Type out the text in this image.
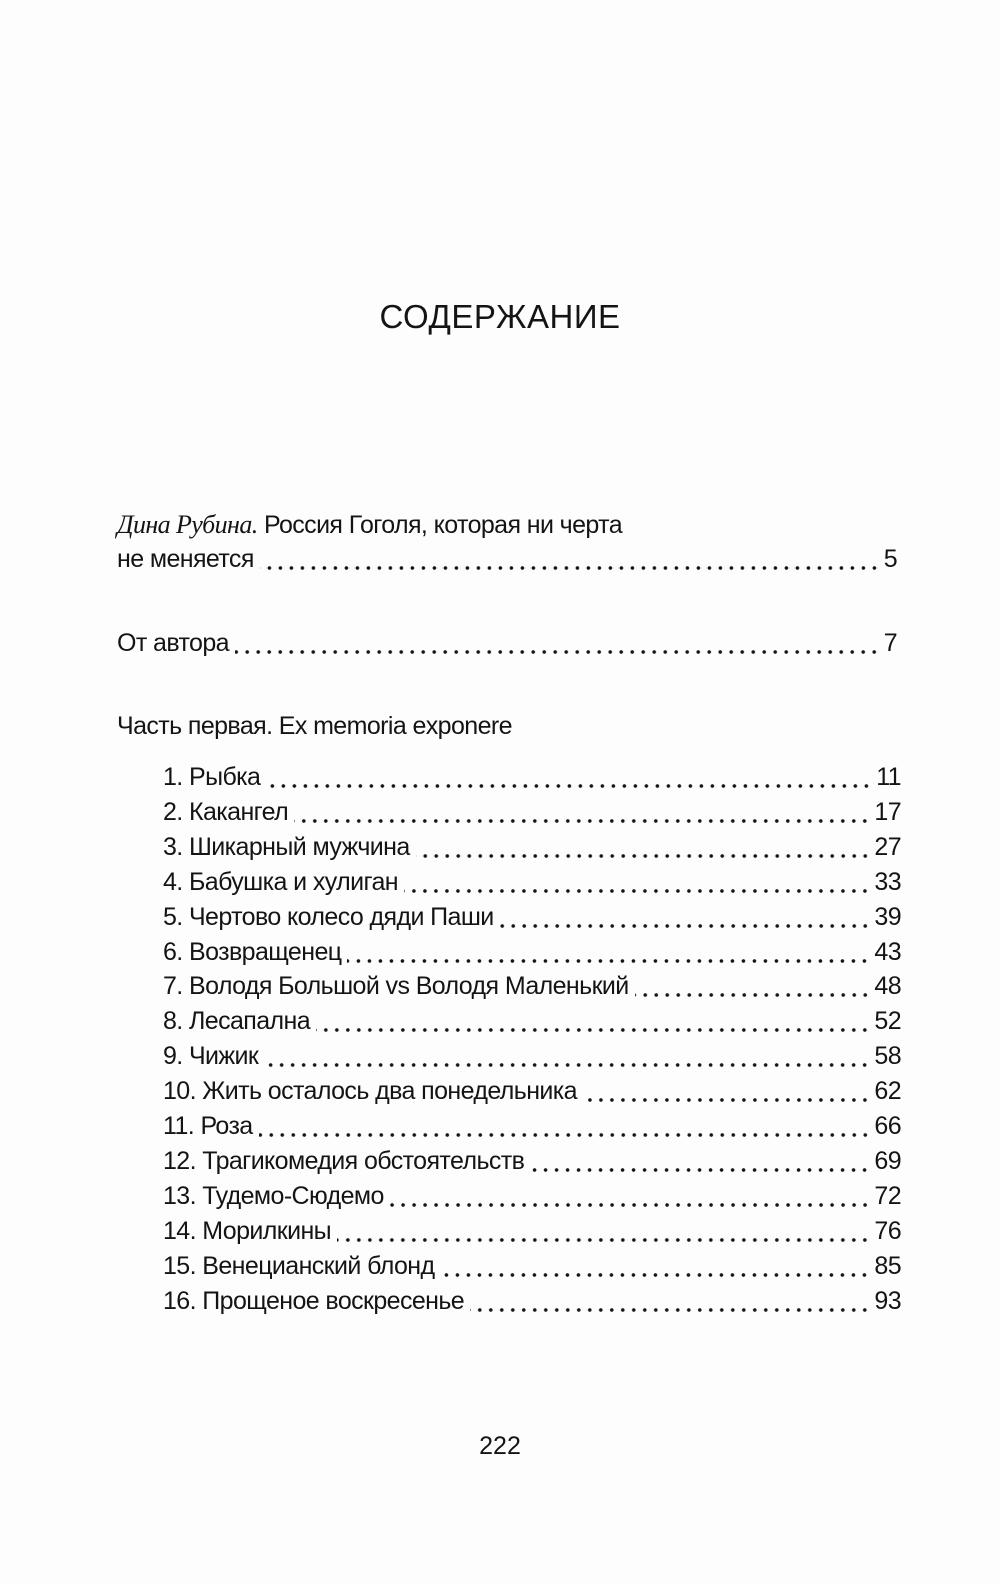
СОДЕРЖАНИЕ
Дина Рубина. Россия Гоголя, которая ни черта
не меняется	5
От автора	7
Часть первая. Ex memoria exponere
1. Рыбка	11
2. Какангел	17
3. Шикарный мужчина	27
4. Бабушка и хулиган	33
5. Чертово колесо дяди Паши	39
6. Возвращенец	43
7. Володя Большой vs Володя Маленький	48
8. Лесапална	52
9. Чижик	58
10. Жить осталось два понедельника	62
11. Роза	66
12. Трагикомедия обстоятельств	69
13. Тудемо-Сюдемо	72
14. Морилкины	76
15. Венецианский блонд	85
16. Прощеное воскресенье	93
222
